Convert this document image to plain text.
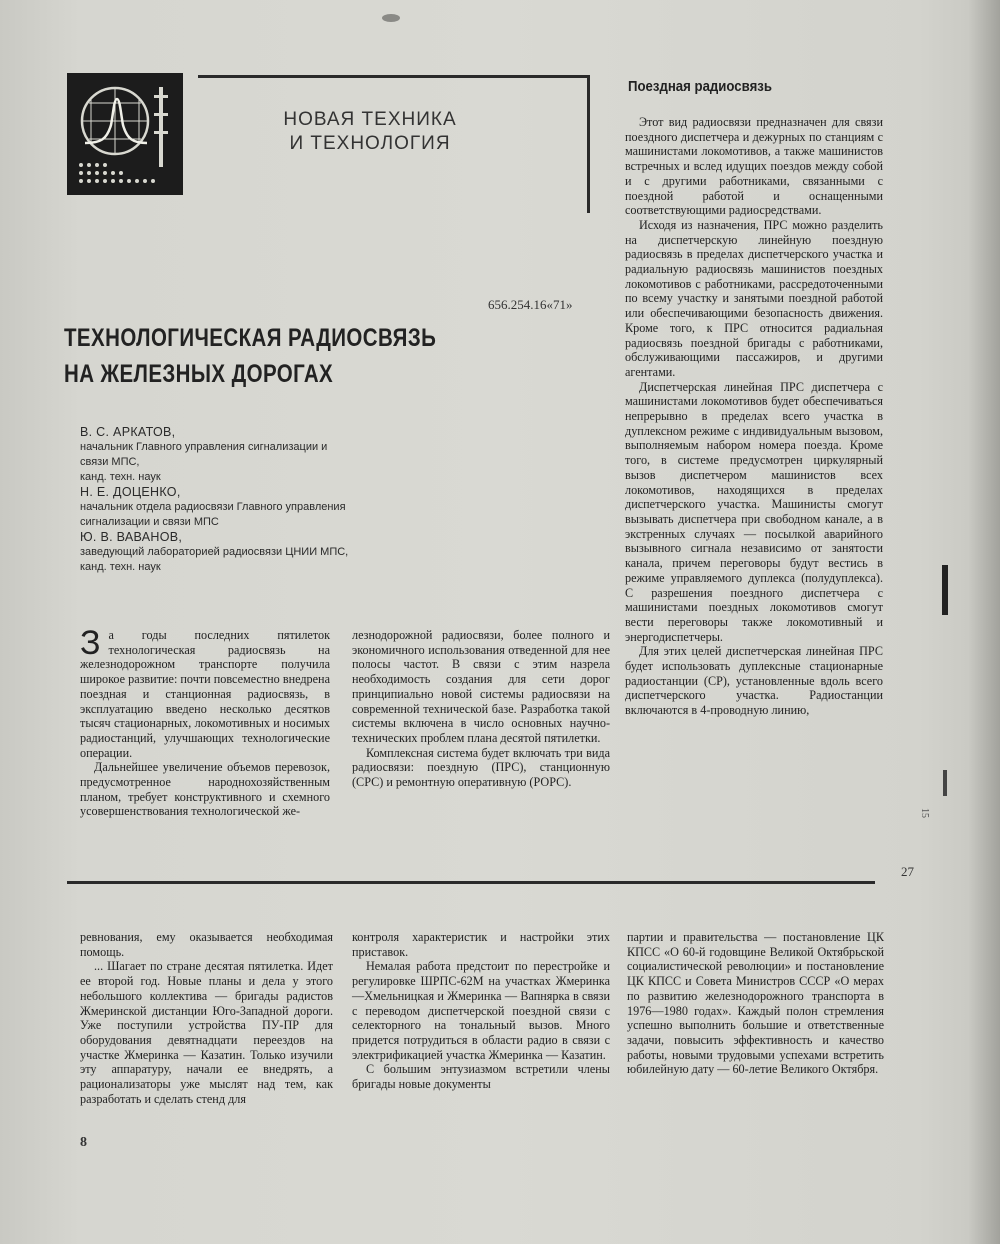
НОВАЯ ТЕХНИКА
И ТЕХНОЛОГИЯ
656.254.16«71»
ТЕХНОЛОГИЧЕСКАЯ РАДИОСВЯЗЬ
НА ЖЕЛЕЗНЫХ ДОРОГАХ
В. С. АРКАТОВ,
начальник Главного управления сигнализации и
связи МПС,
канд. техн. наук
Н. Е. ДОЦЕНКО,
начальник отдела радиосвязи Главного управления
сигнализации и связи МПС
Ю. В. ВАВАНОВ,
заведующий лабораторией радиосвязи ЦНИИ МПС,
канд. техн. наук
З а годы последних пятилеток технологическая радиосвязь на железнодорожном транспорте получила широкое развитие: почти повсеместно внедрена поездная и станционная радиосвязь, в эксплуатацию введено несколько десятков тысяч стационарных, локомотивных и носимых радиостанций, улучшающих технологические операции.

Дальнейшее увеличение объемов перевозок, предусмотренное народнохозяйственным планом, требует конструктивного и схемного усовершенствования технологической же-

лезнодорожной радиосвязи, более полного и экономичного использования отведенной для нее полосы частот. В связи с этим назрела необходимость создания для сети дорог принципиально новой системы радиосвязи на современной технической базе. Разработка такой системы включена в число основных научно-технических проблем плана десятой пятилетки.

Комплексная система будет включать три вида радиосвязи: поездную (ПРС), станционную (СРС) и ремонтную оперативную (РОРС).

Поездная радиосвязь

Этот вид радиосвязи предназначен для связи поездного диспетчера и дежурных по станциям с машинистами локомотивов, а также машинистов встречных и вслед идущих поездов между собой и с другими работниками, связанными с поездной работой и оснащенными соответствующими радиосредствами.

Исходя из назначения, ПРС можно разделить на диспетчерскую линейную поездную радиосвязь в пределах диспетчерского участка и радиальную радиосвязь машинистов поездных локомотивов с работниками, рассредоточенными по всему участку и занятыми поездной работой или обеспечивающими безопасность движения. Кроме того, к ПРС относится радиальная радиосвязь поездной бригады с работниками, обслуживающими пассажиров, и другими агентами.

Диспетчерская линейная ПРС диспетчера с машинистами локомотивов будет обеспечиваться непрерывно в пределах всего участка в дуплексном режиме с индивидуальным вызовом, выполняемым набором номера поезда. Кроме того, в системе предусмотрен циркулярный вызов диспетчером машинистов всех локомотивов, находящихся в пределах диспетчерского участка. Машинисты смогут вызывать диспетчера при свободном канале, а в экстренных случаях — посылкой аварийного вызывного сигнала независимо от занятости канала, причем переговоры будут вестись в режиме управляемого дуплекса (полудуплекса). С разрешения поездного диспетчера с машинистами поездных локомотивов смогут вести переговоры также локомотивный и энергодиспетчеры.

Для этих целей диспетчерская линейная ПРС будет использовать дуплексные стационарные радиостанции (СР), установленные вдоль всего диспетчерского участка. Радиостанции включаются в 4-проводную линию,

27
15

ревнования, ему оказывается необходимая помощь.

... Шагает по стране десятая пятилетка. Идет ее второй год. Новые планы и дела у этого небольшого коллектива — бригады радистов Жмеринской дистанции Юго-Западной дороги. Уже поступили устройства ПУ-ПР для оборудования девятнадцати переездов на участке Жмеринка — Казатин. Только изучили эту аппаратуру, начали ее внедрять, а рационализаторы уже мыслят над тем, как разработать и сделать стенд для

контроля характеристик и настройки этих приставок.

Немалая работа предстоит по перестройке и регулировке ШРПС-62М на участках Жмеринка—Хмельницкая и Жмеринка — Вапнярка в связи с переводом диспетчерской поездной связи с селекторного на тональный вызов. Много придется потрудиться в области радио в связи с электрификацией участка Жмеринка — Казатин.

С большим энтузиазмом встретили члены бригады новые документы

партии и правительства — постановление ЦК КПСС «О 60-й годовщине Великой Октябрьской социалистической революции» и постановление ЦК КПСС и Совета Министров СССР «О мерах по развитию железнодорожного транспорта в 1976—1980 годах». Каждый полон стремления успешно выполнить большие и ответственные задачи, повысить эффективность и качество работы, новыми трудовыми успехами встретить юбилейную дату — 60-летие Великого Октября.

8
